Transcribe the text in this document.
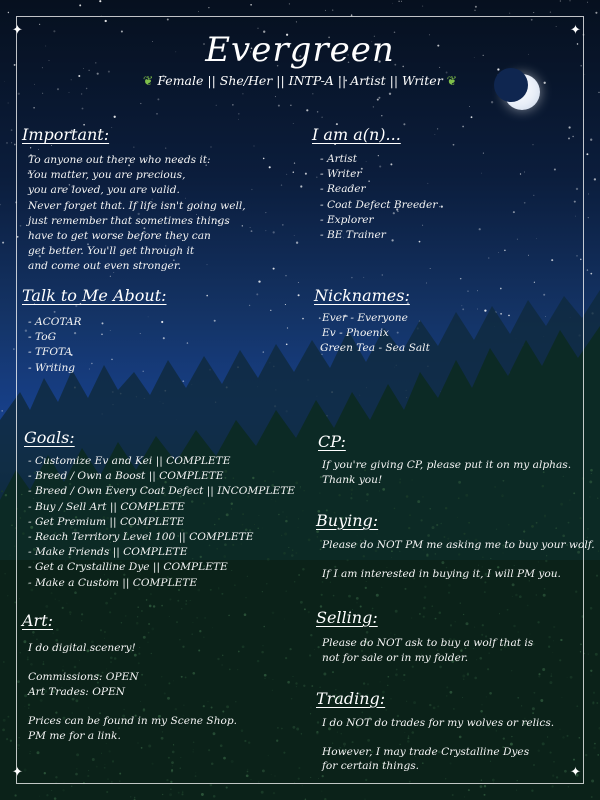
✦	✦
✦	✦
Evergreen
❦ Female || She/Her || INTP-A || Artist || Writer ❦
Important:
To anyone out there who needs it:
You matter, you are precious,
you are loved, you are valid.
Never forget that. If life isn't going well,
just remember that sometimes things
have to get worse before they can
get better. You'll get through it
and come out even stronger.
I am a(n)...
- Artist
- Writer
- Reader
- Coat Defect Breeder
- Explorer
- BE Trainer
Talk to Me About:
- ACOTAR
- ToG
- TFOTA
- Writing
Nicknames:
Ever - Everyone
Ev - Phoenix
Green Tea - Sea Salt
Goals:
- Customize Ev and Kei || COMPLETE
- Breed / Own a Boost || COMPLETE
- Breed / Own Every Coat Defect || INCOMPLETE
- Buy / Sell Art || COMPLETE
- Get Premium || COMPLETE
- Reach Territory Level 100 || COMPLETE
- Make Friends || COMPLETE
- Get a Crystalline Dye || COMPLETE
- Make a Custom || COMPLETE
CP:
If you're giving CP, please put it on my alphas.
Thank you!
Buying:
Please do NOT PM me asking me to buy your wolf.
If I am interested in buying it, I will PM you.
Art:
I do digital scenery!
Commissions: OPEN
Art Trades: OPEN
Prices can be found in my Scene Shop.
PM me for a link.
Selling:
Please do NOT ask to buy a wolf that is
not for sale or in my folder.
Trading:
I do NOT do trades for my wolves or relics.
However, I may trade Crystalline Dyes
for certain things.
